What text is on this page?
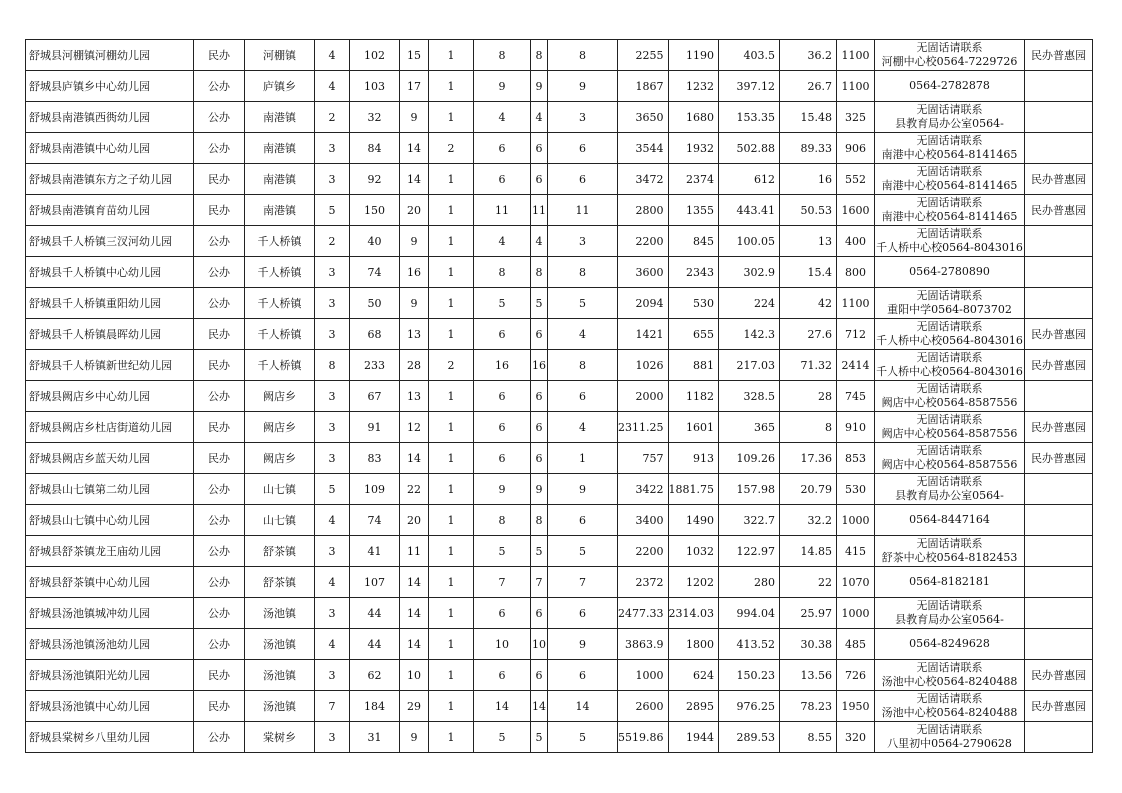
舒城县河棚镇河棚幼儿园	民办	河棚镇	4	102	15	1	8	8	8	2255	1190	403.5	36.2	1100	无固话请联系
河棚中心校0564-7229726	民办普惠园
舒城县庐镇乡中心幼儿园	公办	庐镇乡	4	103	17	1	9	9	9	1867	1232	397.12	26.7	1100	0564-2782878	

舒城县南港镇西衖幼儿园	公办	南港镇	2	32	9	1	4	4	3	3650	1680	153.35	15.48	325	无固话请联系
县教育局办公室0564-	

舒城县南港镇中心幼儿园	公办	南港镇	3	84	14	2	6	6	6	3544	1932	502.88	89.33	906	无固话请联系
南港中心校0564-8141465	

舒城县南港镇东方之子幼儿园	民办	南港镇	3	92	14	1	6	6	6	3472	2374	612	16	552	无固话请联系
南港中心校0564-8141465	民办普惠园
舒城县南港镇育苗幼儿园	民办	南港镇	5	150	20	1	11	11	11	2800	1355	443.41	50.53	1600	无固话请联系
南港中心校0564-8141465	民办普惠园
舒城县千人桥镇三汊河幼儿园	公办	千人桥镇	2	40	9	1	4	4	3	2200	845	100.05	13	400	无固话请联系
千人桥中心校0564-8043016	

舒城县千人桥镇中心幼儿园	公办	千人桥镇	3	74	16	1	8	8	8	3600	2343	302.9	15.4	800	0564-2780890	

舒城县千人桥镇重阳幼儿园	公办	千人桥镇	3	50	9	1	5	5	5	2094	530	224	42	1100	无固话请联系
重阳中学0564-8073702	

舒城县千人桥镇晨晖幼儿园	民办	千人桥镇	3	68	13	1	6	6	4	1421	655	142.3	27.6	712	无固话请联系
千人桥中心校0564-8043016	民办普惠园
舒城县千人桥镇新世纪幼儿园	民办	千人桥镇	8	233	28	2	16	16	8	1026	881	217.03	71.32	2414	无固话请联系
千人桥中心校0564-8043016	民办普惠园
舒城县阙店乡中心幼儿园	公办	阙店乡	3	67	13	1	6	6	6	2000	1182	328.5	28	745	无固话请联系
阙店中心校0564-8587556	

舒城县阙店乡杜店街道幼儿园	民办	阙店乡	3	91	12	1	6	6	4	2311.25	1601	365	8	910	无固话请联系
阙店中心校0564-8587556	民办普惠园
舒城县阙店乡蓝天幼儿园	民办	阙店乡	3	83	14	1	6	6	1	757	913	109.26	17.36	853	无固话请联系
阙店中心校0564-8587556	民办普惠园
舒城县山七镇第二幼儿园	公办	山七镇	5	109	22	1	9	9	9	3422	1881.75	157.98	20.79	530	无固话请联系
县教育局办公室0564-	

舒城县山七镇中心幼儿园	公办	山七镇	4	74	20	1	8	8	6	3400	1490	322.7	32.2	1000	0564-8447164	

舒城县舒茶镇龙王庙幼儿园	公办	舒茶镇	3	41	11	1	5	5	5	2200	1032	122.97	14.85	415	无固话请联系
舒茶中心校0564-8182453	

舒城县舒茶镇中心幼儿园	公办	舒茶镇	4	107	14	1	7	7	7	2372	1202	280	22	1070	0564-8182181	

舒城县汤池镇城冲幼儿园	公办	汤池镇	3	44	14	1	6	6	6	2477.33	2314.03	994.04	25.97	1000	无固话请联系
县教育局办公室0564-	

舒城县汤池镇汤池幼儿园	公办	汤池镇	4	44	14	1	10	10	9	3863.9	1800	413.52	30.38	485	0564-8249628	

舒城县汤池镇阳光幼儿园	民办	汤池镇	3	62	10	1	6	6	6	1000	624	150.23	13.56	726	无固话请联系
汤池中心校0564-8240488	民办普惠园
舒城县汤池镇中心幼儿园	民办	汤池镇	7	184	29	1	14	14	14	2600	2895	976.25	78.23	1950	无固话请联系
汤池中心校0564-8240488	民办普惠园
舒城县棠树乡八里幼儿园	公办	棠树乡	3	31	9	1	5	5	5	5519.86	1944	289.53	8.55	320	无固话请联系
八里初中0564-2790628	
